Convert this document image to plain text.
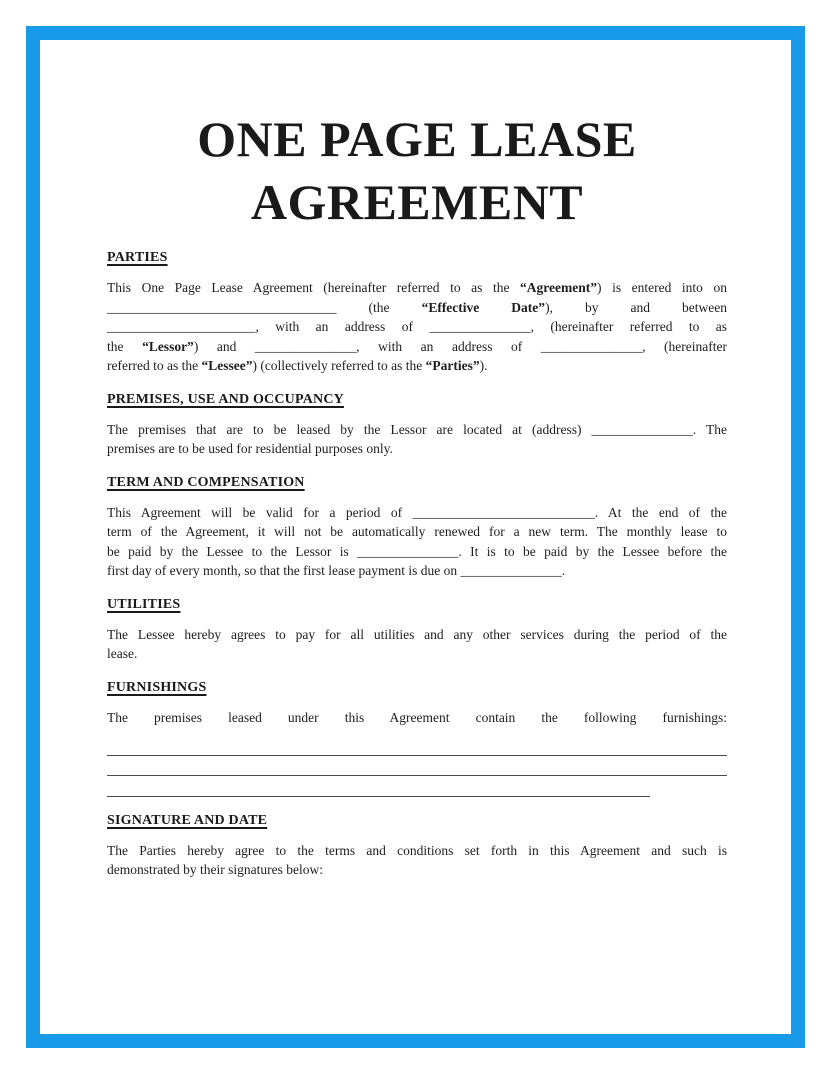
ONE PAGE LEASE
AGREEMENT
PARTIES
This One Page Lease Agreement (hereinafter referred to as the “Agreement”) is entered into on
__________________________________ (the “Effective Date”), by and between
______________________, with an address of _______________, (hereinafter referred to as
the “Lessor”) and _______________, with an address of _______________, (hereinafter
referred to as the “Lessee”) (collectively referred to as the “Parties”).
PREMISES, USE AND OCCUPANCY
The premises that are to be leased by the Lessor are located at (address) _______________. The
premises are to be used for residential purposes only.
TERM AND COMPENSATION
This Agreement will be valid for a period of ___________________________. At the end of the
term of the Agreement, it will not be automatically renewed for a new term. The monthly lease to
be paid by the Lessee to the Lessor is _______________. It is to be paid by the Lessee before the
first day of every month, so that the first lease payment is due on _______________.
UTILITIES
The Lessee hereby agrees to pay for all utilities and any other services during the period of the
lease.
FURNISHINGS
The premises leased under this Agreement contain the following furnishings:
SIGNATURE AND DATE
The Parties hereby agree to the terms and conditions set forth in this Agreement and such is
demonstrated by their signatures below:
